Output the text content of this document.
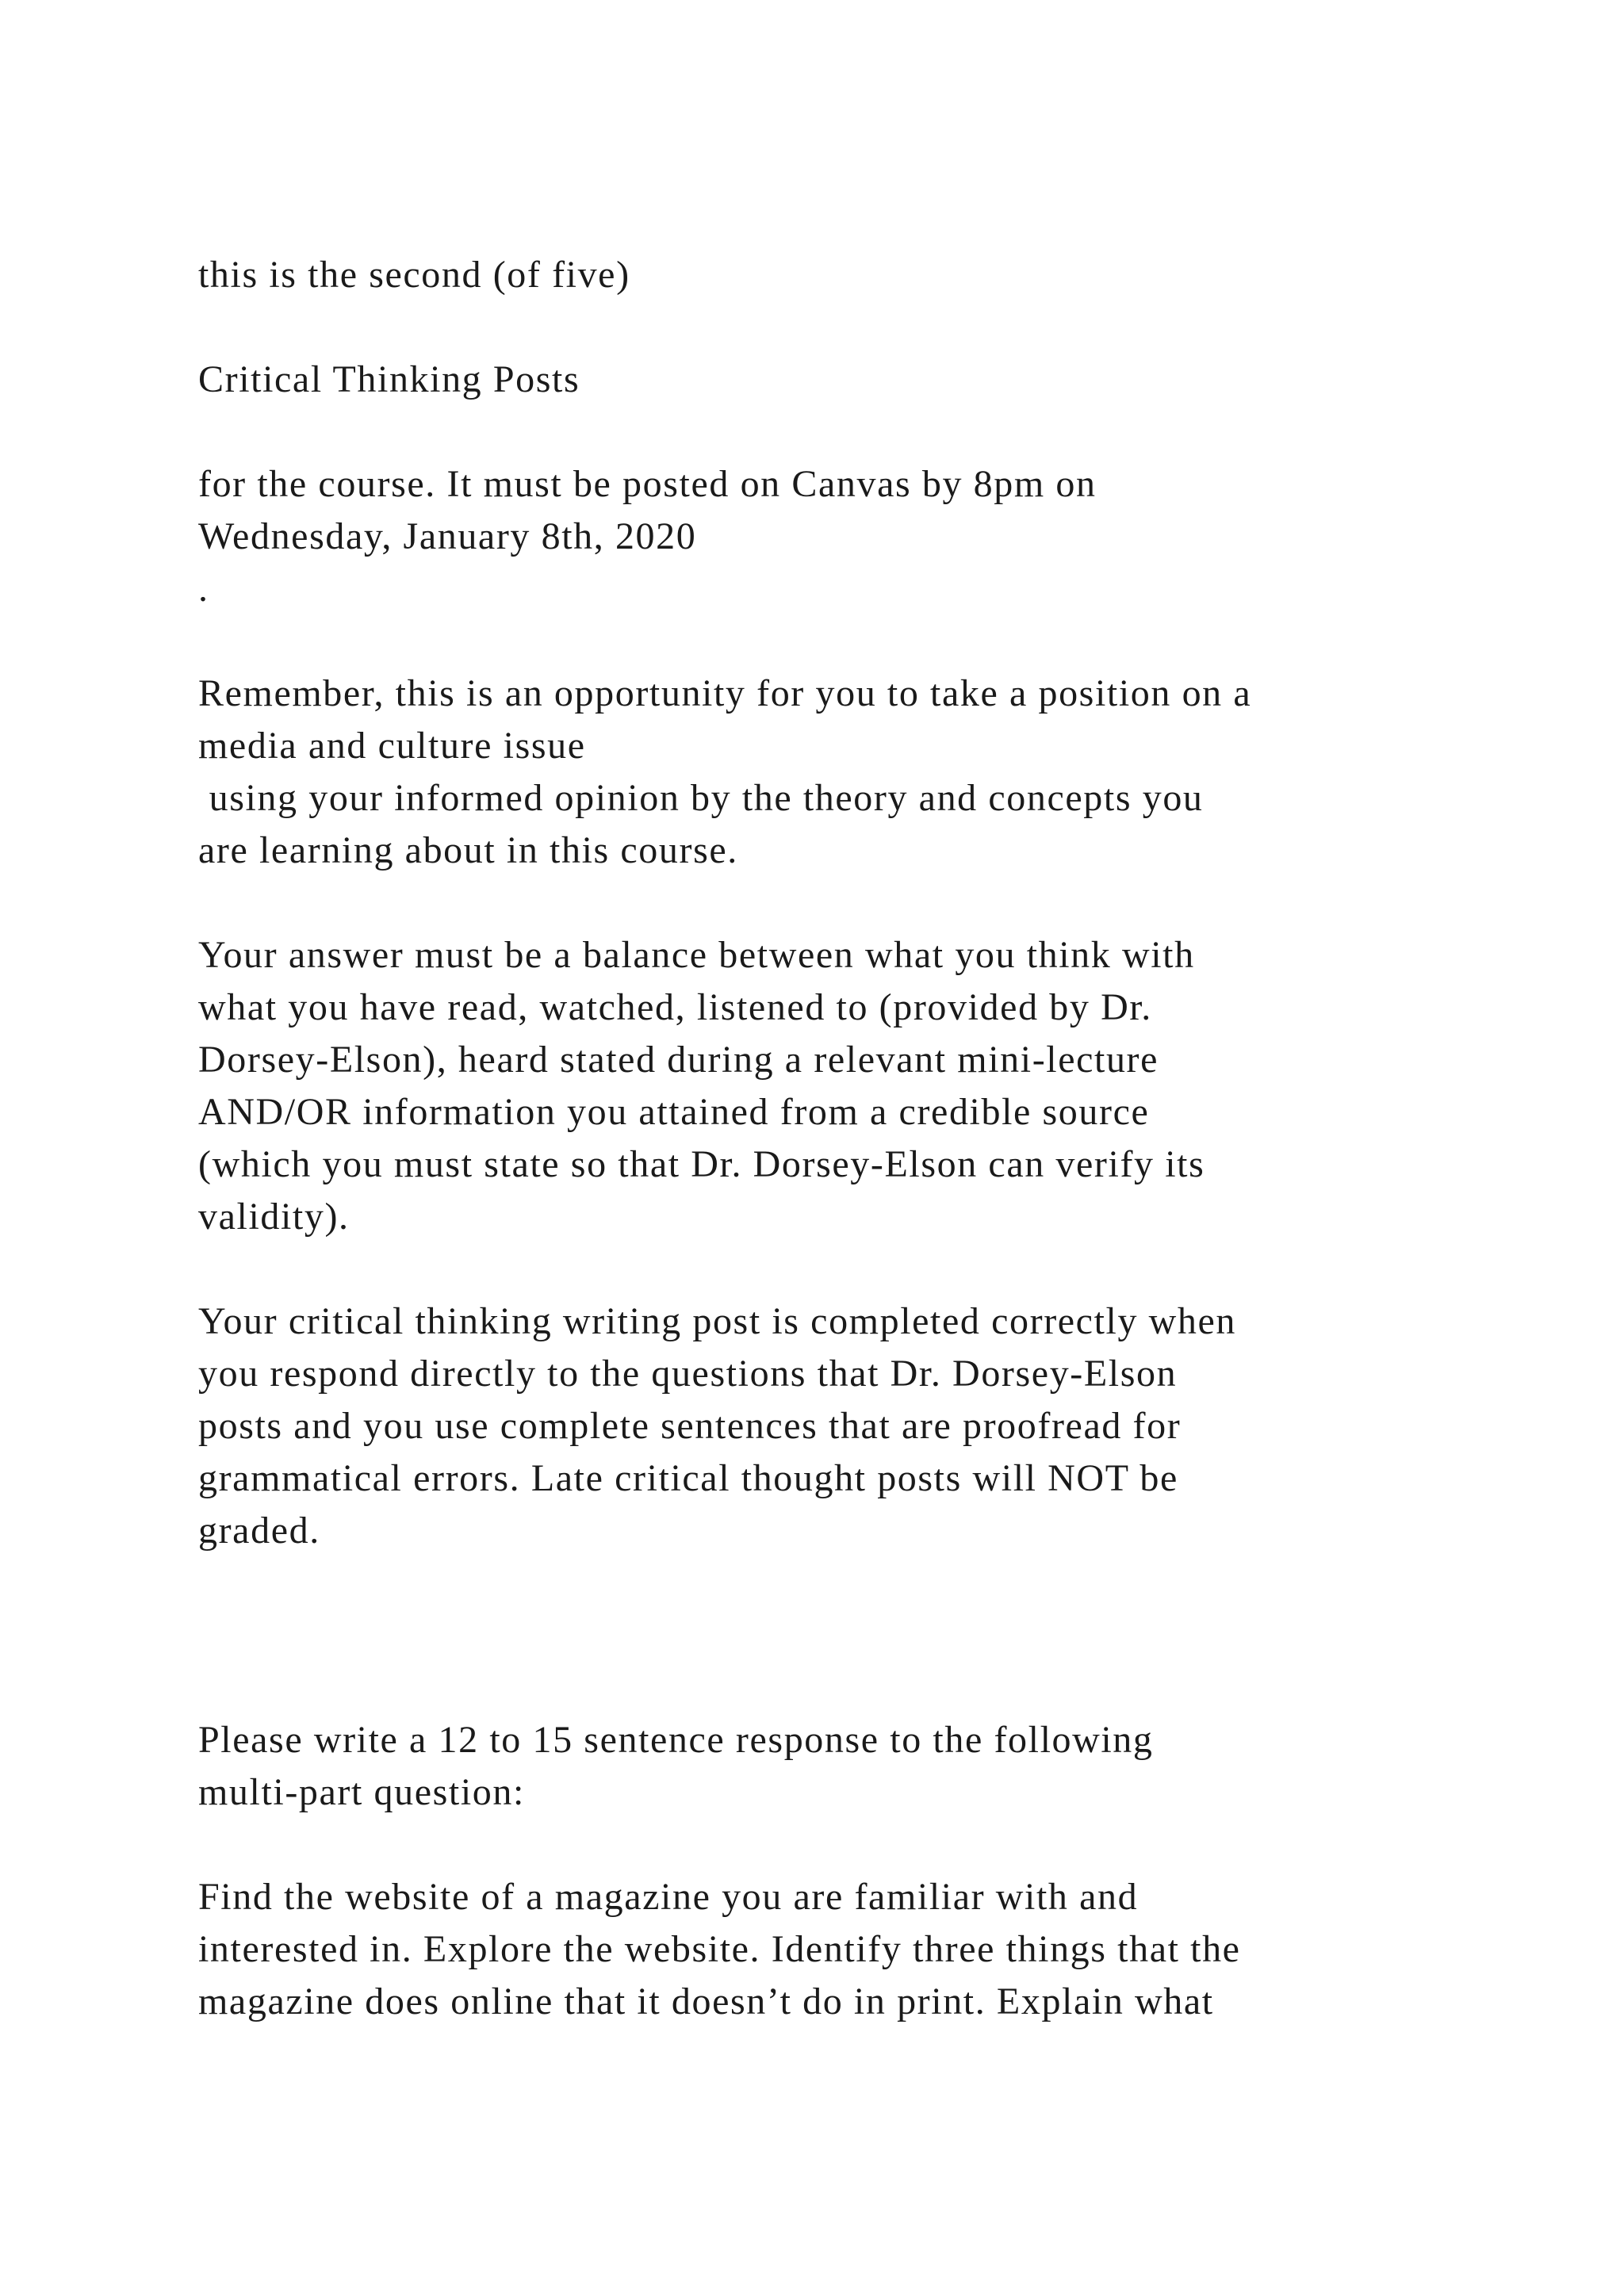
this is the second (of five)

Critical Thinking Posts

for the course. It must be posted on Canvas by 8pm on
Wednesday, January 8th, 2020
.

Remember, this is an opportunity for you to take a position on a
media and culture issue
using your informed opinion by the theory and concepts you
are learning about in this course.

Your answer must be a balance between what you think with
what you have read, watched, listened to (provided by Dr.
Dorsey-Elson), heard stated during a relevant mini-lecture
AND/OR information you attained from a credible source
(which you must state so that Dr. Dorsey-Elson can verify its
validity).

Your critical thinking writing post is completed correctly when
you respond directly to the questions that Dr. Dorsey-Elson
posts and you use complete sentences that are proofread for
grammatical errors. Late critical thought posts will NOT be
graded.

Please write a 12 to 15 sentence response to the following
multi-part question:

Find the website of a magazine you are familiar with and
interested in. Explore the website. Identify three things that the
magazine does online that it doesn’t do in print. Explain what
